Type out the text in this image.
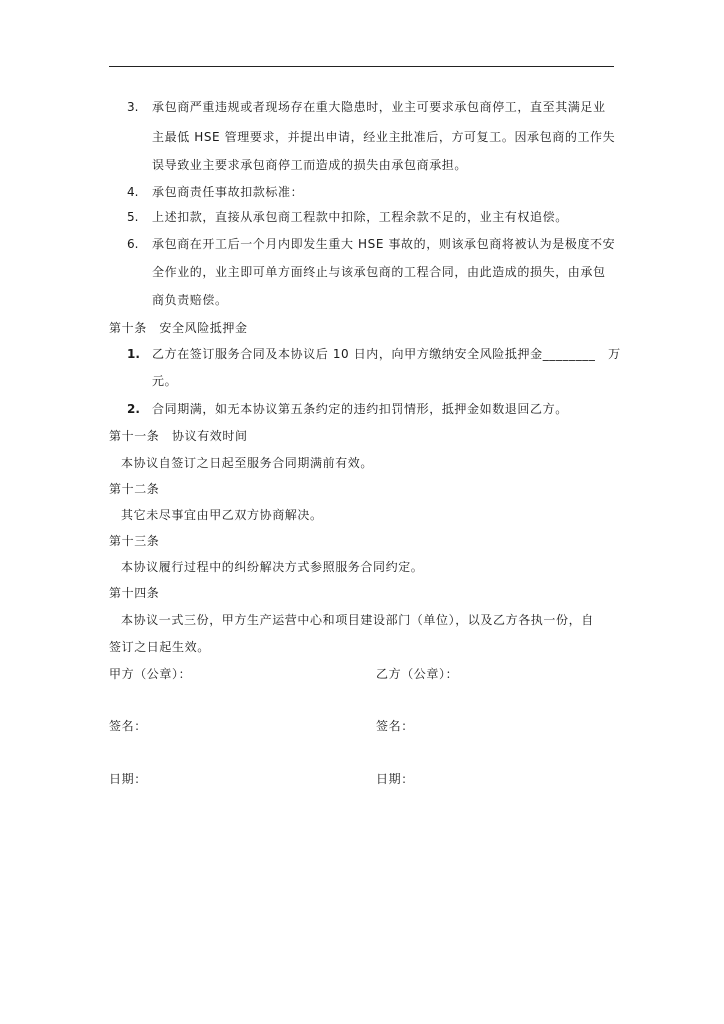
3. 承包商严重违规或者现场存在重大隐患时，业主可要求承包商停工，直至其满足业
主最低 HSE 管理要求，并提出申请，经业主批准后，方可复工。因承包商的工作失
误导致业主要求承包商停工而造成的损失由承包商承担。
4. 承包商责任事故扣款标准：
5. 上述扣款，直接从承包商工程款中扣除，工程余款不足的，业主有权追偿。
6. 承包商在开工后一个月内即发生重大 HSE 事故的，则该承包商将被认为是极度不安
全作业的，业主即可单方面终止与该承包商的工程合同，由此造成的损失，由承包
商负责赔偿。
第十条　安全风险抵押金
1. 乙方在签订服务合同及本协议后 10 日内，向甲方缴纳安全风险抵押金________　万
元。
2. 合同期满，如无本协议第五条约定的违约扣罚情形，抵押金如数退回乙方。
第十一条　协议有效时间
本协议自签订之日起至服务合同期满前有效。
第十二条
其它未尽事宜由甲乙双方协商解决。
第十三条
本协议履行过程中的纠纷解决方式参照服务合同约定。
第十四条
本协议一式三份，甲方生产运营中心和项目建设部门（单位），以及乙方各执一份，自
签订之日起生效。
甲方（公章）：	乙方（公章）：
签名：	签名：
日期：	日期：
